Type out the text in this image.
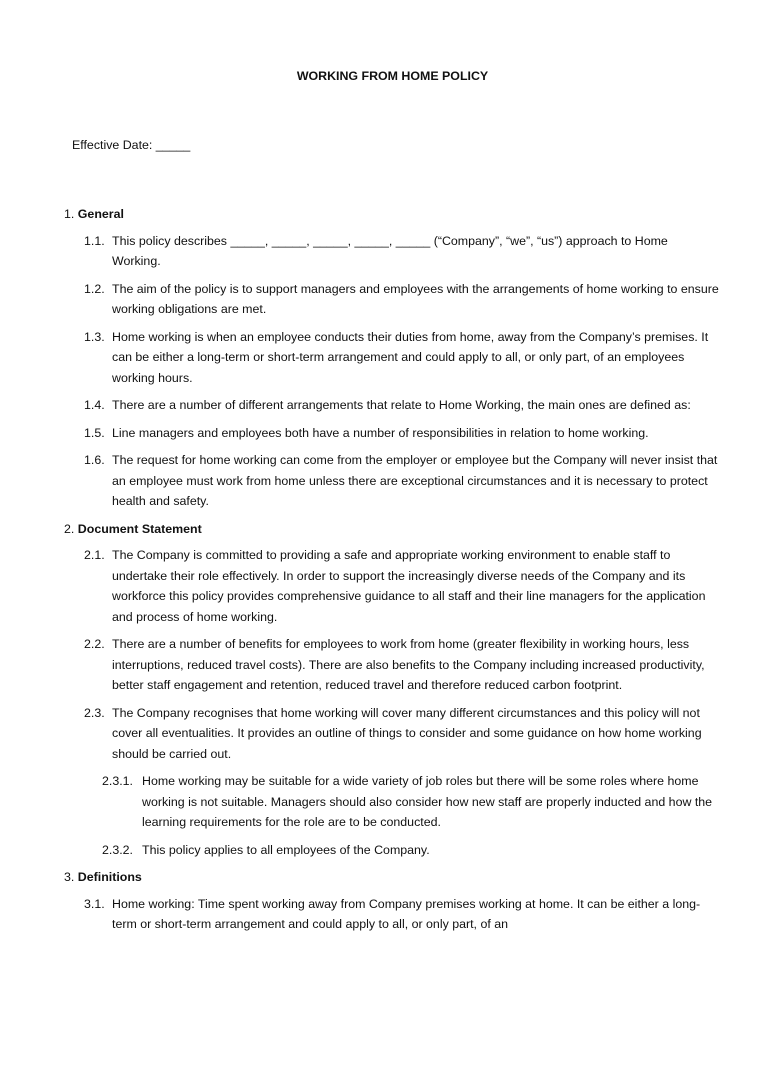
WORKING FROM HOME POLICY
Effective Date: _____
1. General
1.1. This policy describes _____, _____, _____, _____, _____ (“Company”, “we”, “us”) approach to Home Working.
1.2. The aim of the policy is to support managers and employees with the arrangements of home working to ensure working obligations are met.
1.3. Home working is when an employee conducts their duties from home, away from the Company’s premises. It can be either a long-term or short-term arrangement and could apply to all, or only part, of an employees working hours.
1.4. There are a number of different arrangements that relate to Home Working, the main ones are defined as:
1.5. Line managers and employees both have a number of responsibilities in relation to home working.
1.6. The request for home working can come from the employer or employee but the Company will never insist that an employee must work from home unless there are exceptional circumstances and it is necessary to protect health and safety.
2. Document Statement
2.1. The Company is committed to providing a safe and appropriate working environment to enable staff to undertake their role effectively. In order to support the increasingly diverse needs of the Company and its workforce this policy provides comprehensive guidance to all staff and their line managers for the application and process of home working.
2.2. There are a number of benefits for employees to work from home (greater flexibility in working hours, less interruptions, reduced travel costs). There are also benefits to the Company including increased productivity, better staff engagement and retention, reduced travel and therefore reduced carbon footprint.
2.3. The Company recognises that home working will cover many different circumstances and this policy will not cover all eventualities. It provides an outline of things to consider and some guidance on how home working should be carried out.
2.3.1. Home working may be suitable for a wide variety of job roles but there will be some roles where home working is not suitable. Managers should also consider how new staff are properly inducted and how the learning requirements for the role are to be conducted.
2.3.2. This policy applies to all employees of the Company.
3. Definitions
3.1. Home working: Time spent working away from Company premises working at home. It can be either a long-term or short-term arrangement and could apply to all, or only part, of an
